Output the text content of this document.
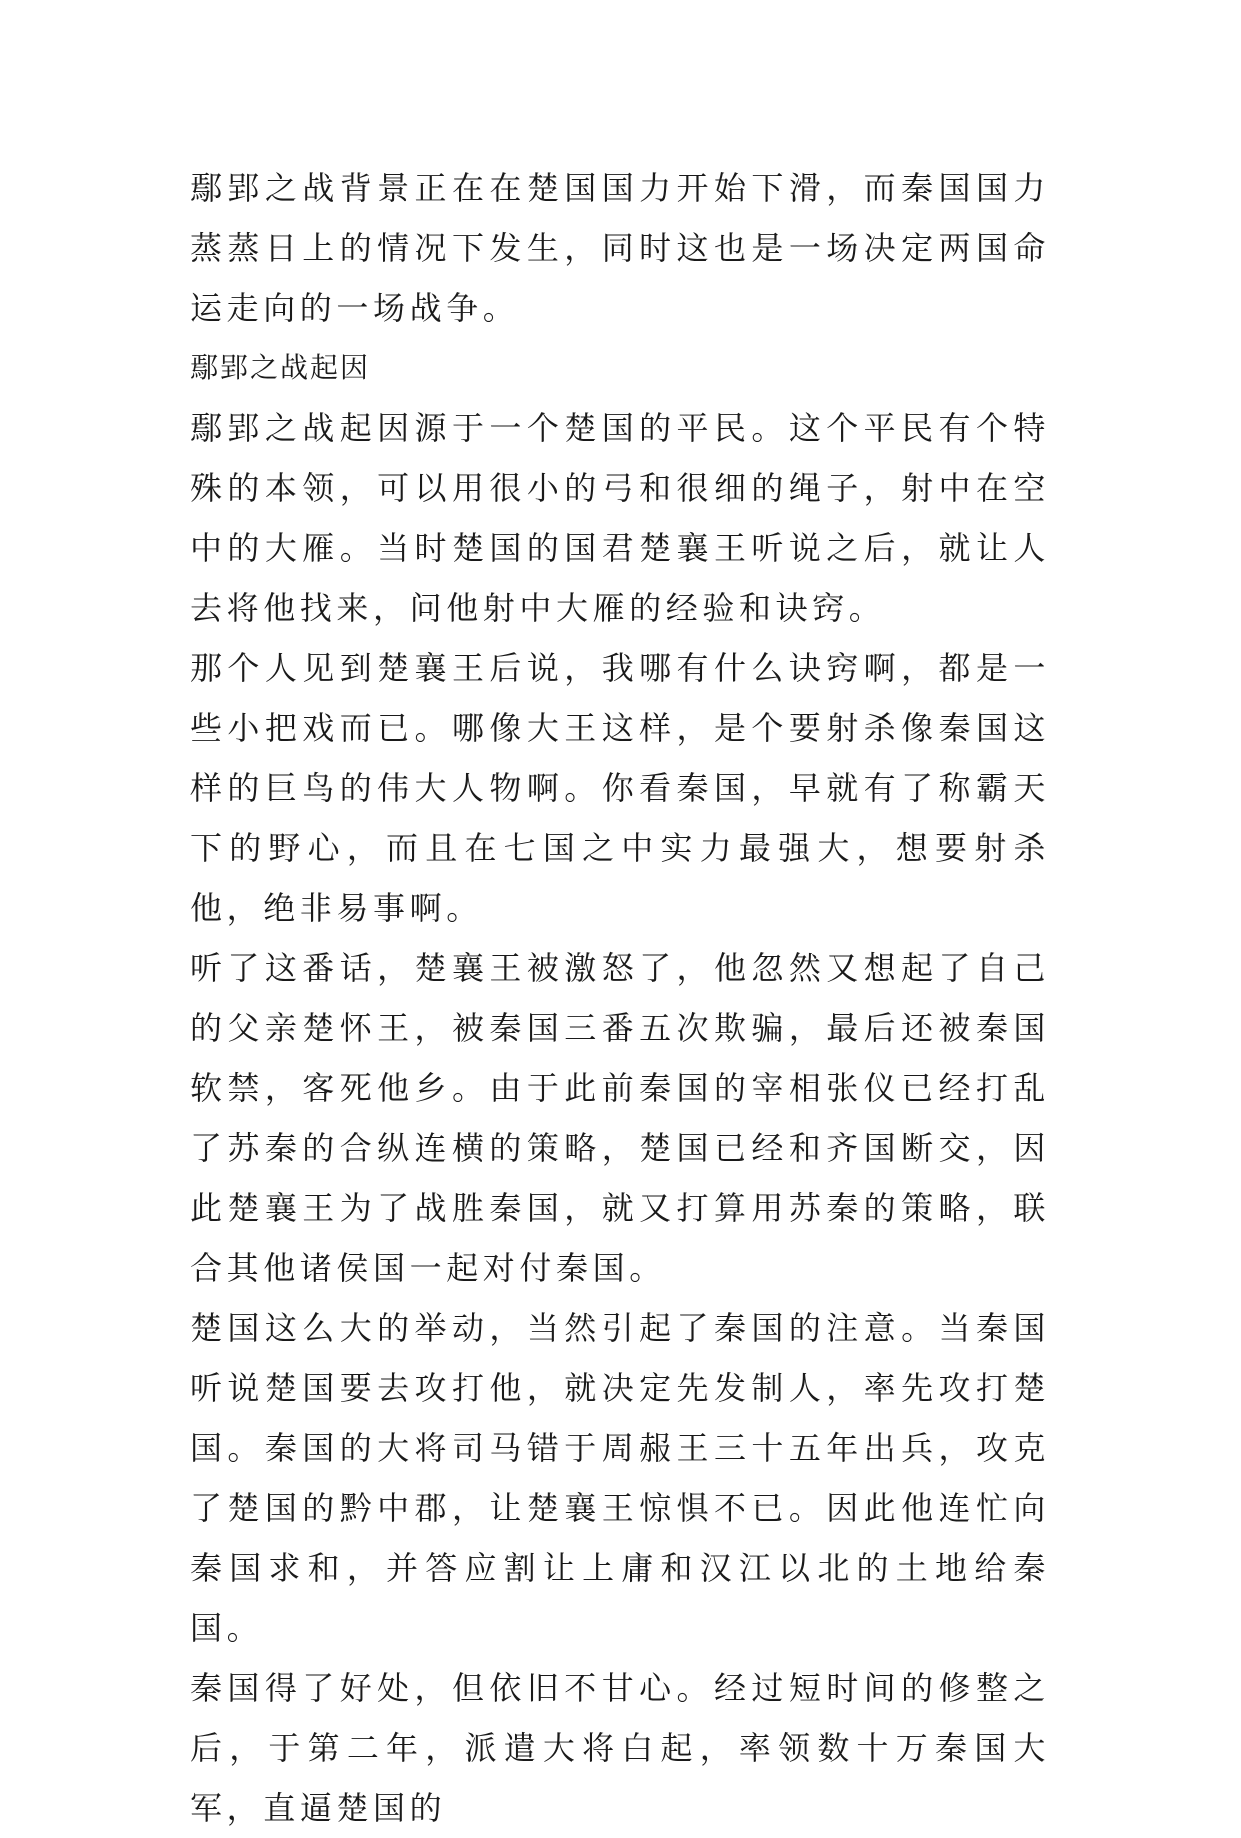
鄢郢之战背景正在在楚国国力开始下滑，而秦国国力蒸蒸日上的情况下发生，同时这也是一场决定两国命运走向的一场战争。

鄢郢之战起因

鄢郢之战起因源于一个楚国的平民。这个平民有个特殊的本领，可以用很小的弓和很细的绳子，射中在空中的大雁。当时楚国的国君楚襄王听说之后，就让人去将他找来，问他射中大雁的经验和诀窍。

那个人见到楚襄王后说，我哪有什么诀窍啊，都是一些小把戏而已。哪像大王这样，是个要射杀像秦国这样的巨鸟的伟大人物啊。你看秦国，早就有了称霸天下的野心，而且在七国之中实力最强大，想要射杀他，绝非易事啊。

听了这番话，楚襄王被激怒了，他忽然又想起了自己的父亲楚怀王，被秦国三番五次欺骗，最后还被秦国软禁，客死他乡。由于此前秦国的宰相张仪已经打乱了苏秦的合纵连横的策略，楚国已经和齐国断交，因此楚襄王为了战胜秦国，就又打算用苏秦的策略，联合其他诸侯国一起对付秦国。

楚国这么大的举动，当然引起了秦国的注意。当秦国听说楚国要去攻打他，就决定先发制人，率先攻打楚国。秦国的大将司马错于周赧王三十五年出兵，攻克了楚国的黔中郡，让楚襄王惊惧不已。因此他连忙向秦国求和，并答应割让上庸和汉江以北的土地给秦国。

秦国得了好处，但依旧不甘心。经过短时间的修整之后，于第二年，派遣大将白起，率领数十万秦国大军，直逼楚国的
